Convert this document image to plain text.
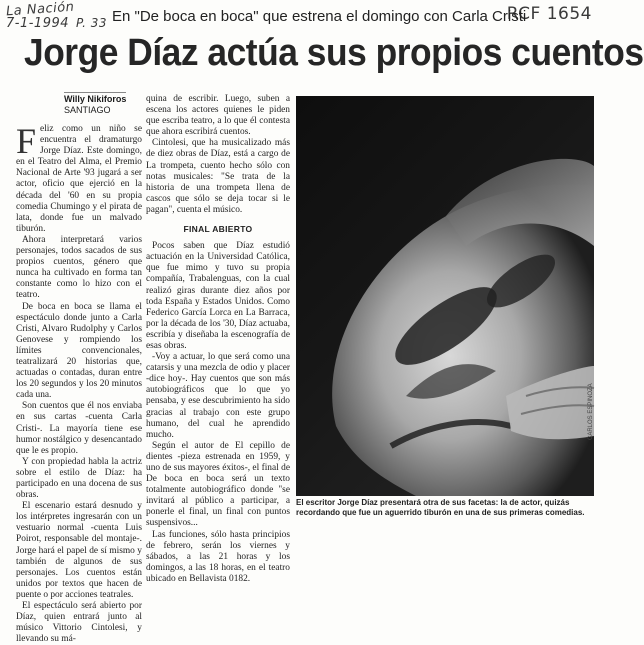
La Nación
7-1-1994 P. 33	RCF 1654
En "De boca en boca" que estrena el domingo con Carla Cristi
Jorge Díaz actúa sus propios cuentos
Willy Nikiforos
SANTIAGO
F eliz como un niño se encuentra el dramaturgo Jorge Díaz. Este domingo, en el Teatro del Alma, el Premio Nacional de Arte '93 jugará a ser actor, oficio que ejerció en la década del '60 en su propia comedia Chumingo y el pirata de lata, donde fue un malvado tiburón.

Ahora interpretará varios personajes, todos sacados de sus propios cuentos, género que nunca ha cultivado en forma tan constante como lo hizo con el teatro.

De boca en boca se llama el espectáculo donde junto a Carla Cristi, Alvaro Rudolphy y Carlos Genovese y rompiendo los límites convencionales, teatralizará 20 historias que, actuadas o contadas, duran entre los 20 segundos y los 20 minutos cada una.

Son cuentos que él nos enviaba en sus cartas -cuenta Carla Cristi-. La mayoría tiene ese humor nostálgico y desencantado que le es propio.

Y con propiedad habla la actriz sobre el estilo de Díaz: ha participado en una docena de sus obras.

El escenario estará desnudo y los intérpretes ingresarán con un vestuario normal -cuenta Luis Poirot, responsable del montaje-. Jorge hará el papel de sí mismo y también de algunos de sus personajes. Los cuentos están unidos por textos que hacen de puente o por acciones teatrales.

El espectáculo será abierto por Díaz, quien entrará junto al músico Vittorio Cintolesi, y llevando su má-

quina de escribir. Luego, suben a escena los actores quienes le piden que escriba teatro, a lo que él contesta que ahora escribirá cuentos.

Cintolesi, que ha musicalizado más de diez obras de Díaz, está a cargo de La trompeta, cuento hecho sólo con notas musicales: "Se trata de la historia de una trompeta llena de cascos que sólo se deja tocar si le pagan", cuenta el músico.

FINAL ABIERTO

Pocos saben que Díaz estudió actuación en la Universidad Católica, que fue mimo y tuvo su propia compañía, Trabalenguas, con la cual realizó giras durante diez años por toda España y Estados Unidos. Como Federico García Lorca en La Barraca, por la década de los '30, Díaz actuaba, escribía y diseñaba la escenografía de esas obras.

-Voy a actuar, lo que será como una catarsis y una mezcla de odio y placer -dice hoy-. Hay cuentos que son más autobiográficos que lo que yo pensaba, y ese descubrimiento ha sido gracias al trabajo con este grupo humano, del cual he aprendido mucho.

Según el autor de El cepillo de dientes -pieza estrenada en 1959, y uno de sus mayores éxitos-, el final de De boca en boca será un texto totalmente autobiográfico donde "se invitará al público a participar, a ponerle el final, un final con puntos suspensivos...

Las funciones, sólo hasta principios de febrero, serán los viernes y sábados, a las 21 horas y los domingos, a las 18 horas, en el teatro ubicado en Bellavista 0182.

CARLOS ESPINOZA
El escritor Jorge Díaz presentará otra de sus facetas: la de actor, quizás recordando que fue un aguerrido tiburón en una de sus primeras comedias.
